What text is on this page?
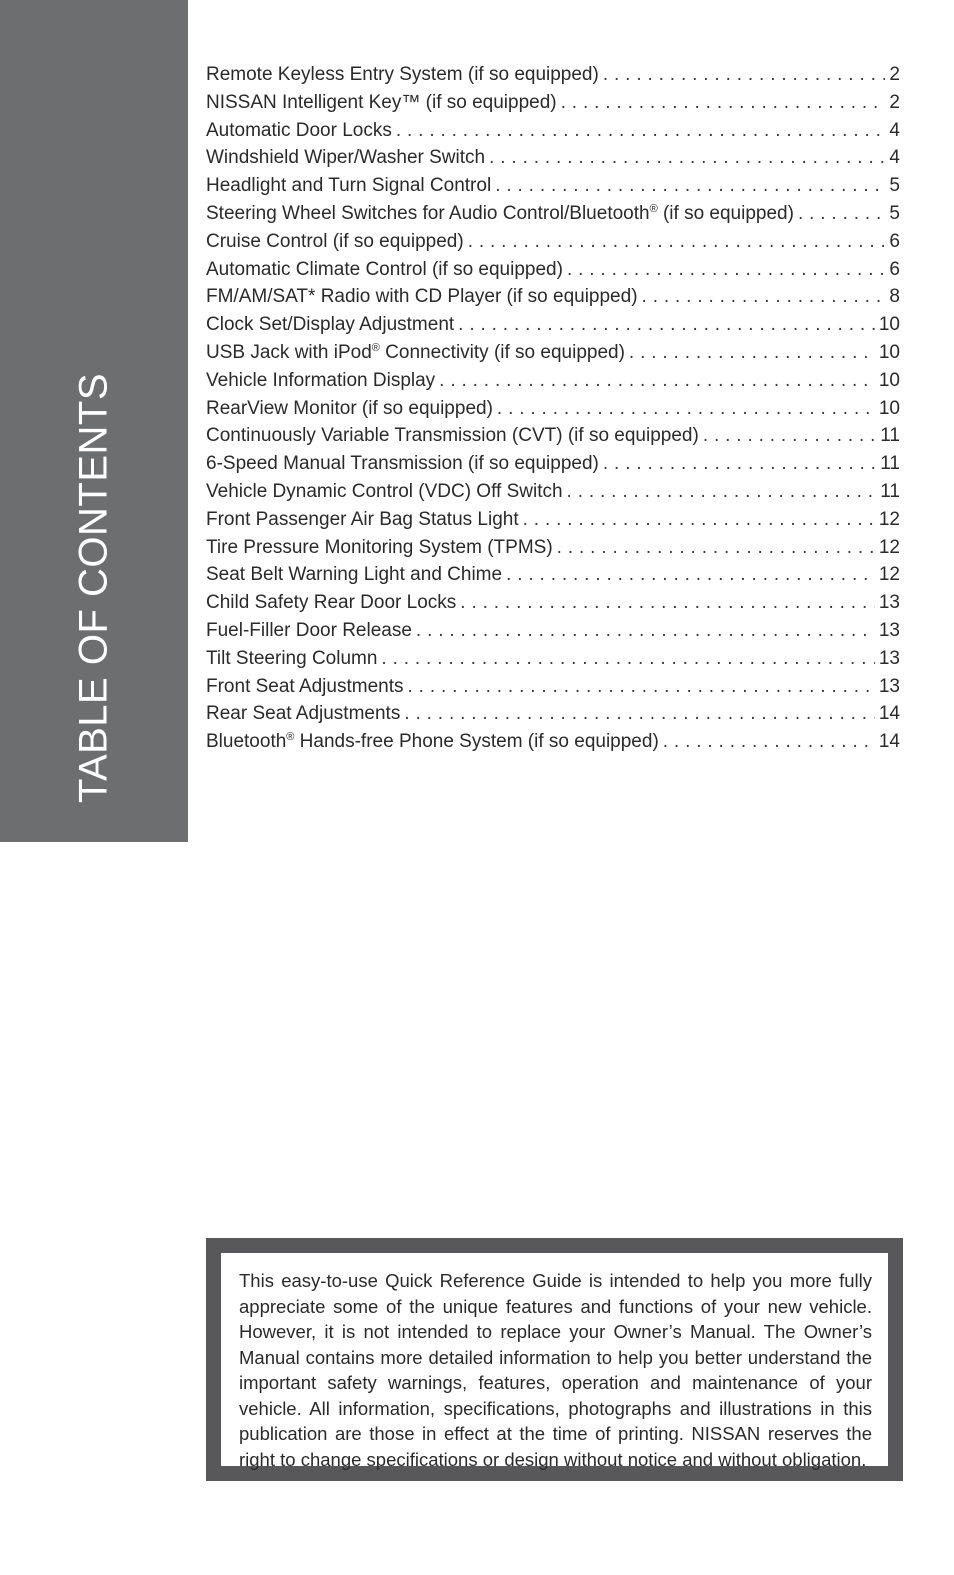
TABLE OF CONTENTS
Remote Keyless Entry System (if so equipped) . . .	2
NISSAN Intelligent Key™ (if so equipped) . . .	2
Automatic Door Locks . . .	4
Windshield Wiper/Washer Switch . . .	4
Headlight and Turn Signal Control . . .	5
Steering Wheel Switches for Audio Control/Bluetooth® (if so equipped) . . .	5
Cruise Control (if so equipped) . . .	6
Automatic Climate Control (if so equipped) . . .	6
FM/AM/SAT* Radio with CD Player (if so equipped) . . .	8
Clock Set/Display Adjustment . . .	10
USB Jack with iPod® Connectivity (if so equipped) . . .	10
Vehicle Information Display . . .	10
RearView Monitor (if so equipped) . . .	10
Continuously Variable Transmission (CVT) (if so equipped) . . .	11
6-Speed Manual Transmission (if so equipped) . . .	11
Vehicle Dynamic Control (VDC) Off Switch . . .	11
Front Passenger Air Bag Status Light . . .	12
Tire Pressure Monitoring System (TPMS) . . .	12
Seat Belt Warning Light and Chime . . .	12
Child Safety Rear Door Locks . . .	13
Fuel-Filler Door Release . . .	13
Tilt Steering Column . . .	13
Front Seat Adjustments . . .	13
Rear Seat Adjustments . . .	14
Bluetooth® Hands-free Phone System (if so equipped) . . .	14

This easy-to-use Quick Reference Guide is intended to help you more fully appreciate some of the unique features and functions of your new vehicle. However, it is not intended to replace your Owner’s Manual. The Owner’s Manual contains more detailed information to help you better understand the important safety warnings, features, operation and maintenance of your vehicle. All information, specifications, photographs and illustrations in this publication are those in effect at the time of printing. NISSAN reserves the right to change specifications or design without notice and without obligation.
